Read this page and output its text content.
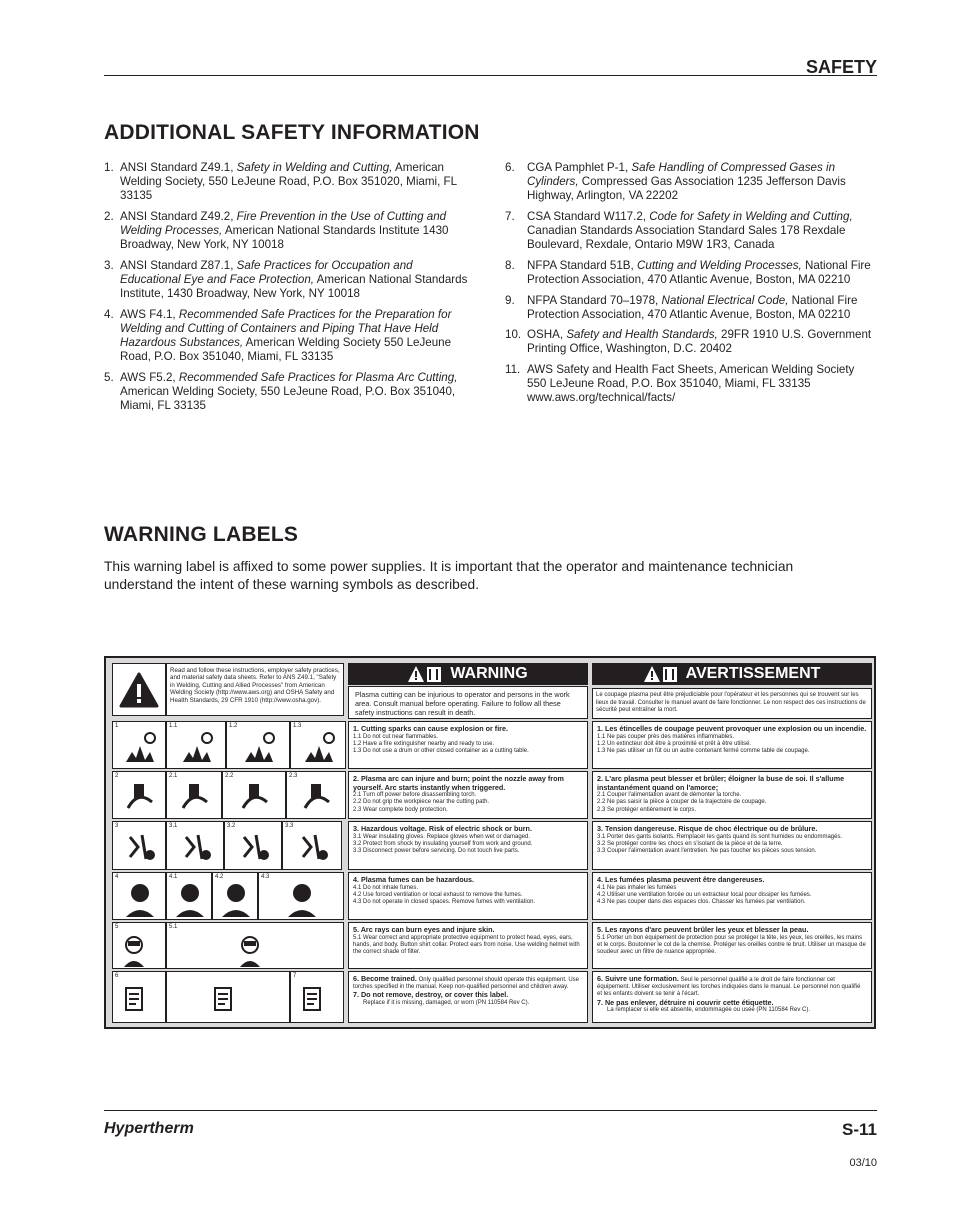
SAFETY
ADDITIONAL SAFETY INFORMATION
1. ANSI Standard Z49.1, Safety in Welding and Cutting, American Welding Society, 550 LeJeune Road, P.O. Box 351020, Miami, FL 33135
2. ANSI Standard Z49.2, Fire Prevention in the Use of Cutting and Welding Processes, American National Standards Institute 1430 Broadway, New York, NY 10018
3. ANSI Standard Z87.1, Safe Practices for Occupation and Educational Eye and Face Protection, American National Standards Institute, 1430 Broadway, New York, NY 10018
4. AWS F4.1, Recommended Safe Practices for the Preparation for Welding and Cutting of Containers and Piping That Have Held Hazardous Substances, American Welding Society 550 LeJeune Road, P.O. Box 351040, Miami, FL 33135
5. AWS F5.2, Recommended Safe Practices for Plasma Arc Cutting, American Welding Society, 550 LeJeune Road, P.O. Box 351040, Miami, FL 33135
6.	CGA Pamphlet P-1, Safe Handling of Compressed Gases in Cylinders, Compressed Gas Association 1235 Jefferson Davis Highway, Arlington, VA 22202
7.	CSA Standard W117.2, Code for Safety in Welding and Cutting, Canadian Standards Association Standard Sales 178 Rexdale Boulevard, Rexdale, Ontario M9W 1R3, Canada
8.	NFPA Standard 51B, Cutting and Welding Processes, National Fire Protection Association, 470 Atlantic Avenue, Boston, MA 02210
9.	NFPA Standard 70–1978, National Electrical Code, National Fire Protection Association, 470 Atlantic Avenue, Boston, MA 02210
10. OSHA, Safety and Health Standards, 29FR 1910 U.S. Government Printing Office, Washington, D.C. 20402
11. AWS Safety and Health Fact Sheets, American Welding Society 550 LeJeune Road, P.O. Box 351040, Miami, FL 33135 www.aws.org/technical/facts/
WARNING LABELS
This warning label is affixed to some power supplies. It is important that the operator and maintenance technician understand the intent of these warning symbols as described.
Read and follow these instructions, employer safety practices, and material safety data sheets. Refer to ANS Z49.1, "Safety in Welding, Cutting and Allied Processes" from American Welding Society (http://www.aws.org) and OSHA Safety and Health Standards, 29 CFR 1910 (http://www.osha.gov).
WARNING	AVERTISSEMENT
Plasma cutting can be injurious to operator and persons in the work area. Consult manual before operating. Failure to follow all these safety instructions can result in death.
Le coupage plasma peut être préjudiciable pour l'opérateur et les personnes qui se trouvent sur les lieux de travail. Consulter le manuel avant de faire fonctionner. Le non respect des ces instructions de sécurité peut entraîner la mort.
1	1.1	1.2	1.3	1. Cutting sparks can cause explosion or fire.
1.1 Do not cut near flammables.
1.2 Have a fire extinguisher nearby and ready to use.
1.3 Do not use a drum or other closed container as a cutting table.
1. Les étincelles de coupage peuvent provoquer une explosion ou un incendie.
1.1 Ne pas couper près des matières inflammables.
1.2 Un extincteur doit être à proximité et prêt à être utilisé.
1.3 Ne pas utiliser un fût ou un autre contenant fermé comme table de coupage.
2	2.1	2.2	2.3	2. Plasma arc can injure and burn; point the nozzle away from yourself. Arc starts instantly when triggered.
2.1 Turn off power before disassembling torch.
2.2 Do not grip the workpiece near the cutting path.
2.3 Wear complete body protection.
2. L'arc plasma peut blesser et brûler; éloigner la buse de soi. Il s'allume instantanément quand on l'amorce;
2.1 Couper l'alimentation avant de démonter la torche.
2.2 Ne pas saisir la pièce à couper de la trajectoire de coupage.
2.3 Se protéger entièrement le corps.
3	3.1	3.2	3.3	3. Hazardous voltage. Risk of electric shock or burn.
3.1 Wear insulating gloves. Replace gloves when wet or damaged.
3.2 Protect from shock by insulating yourself from work and ground.
3.3 Disconnect power before servicing. Do not touch live parts.
3. Tension dangereuse. Risque de choc électrique ou de brûlure.
3.1 Porter des gants isolants. Remplacer les gants quand ils sont humides ou endommagés.
3.2 Se protéger contre les chocs en s'isolant de la pièce et de la terre.
3.3 Couper l'alimentation avant l'entretien. Ne pas toucher les pièces sous tension.
4	4.1	4.2	4.3	4. Plasma fumes can be hazardous.
4.1 Do not inhale fumes.
4.2 Use forced ventilation or local exhaust to remove the fumes.
4.3 Do not operate in closed spaces. Remove fumes with ventilation.
4. Les fumées plasma peuvent être dangereuses.
4.1 Ne pas inhaler les fumées
4.2 Utiliser une ventilation forcée ou un extracteur local pour dissiper les fumées.
4.3 Ne pas couper dans des espaces clos. Chasser les fumées par ventilation.
5	5.1	5. Arc rays can burn eyes and injure skin.
5.1 Wear correct and appropriate protective equipment to protect head, eyes, ears, hands, and body. Button shirt collar. Protect ears from noise. Use welding helmet with the correct shade of filter.
5. Les rayons d'arc peuvent brûler les yeux et blesser la peau.
5.1 Porter un bon équipement de protection pour se protéger la tête, les yeux, les oreilles, les mains et le corps. Boutonner le col de la chemise. Protéger les oreilles contre le bruit. Utiliser un masque de soudeur avec un filtre de nuance appropriée.
6	7	6. Become trained. Only qualified personnel should operate this equipment. Use torches specified in the manual. Keep non-qualified personnel and children away.
7. Do not remove, destroy, or cover this label.
Replace if it is missing, damaged, or worn (PN 110584 Rev C).
6. Suivre une formation. Seul le personnel qualifié a le droit de faire fonctionner cet équipement. Utiliser exclusivement les torches indiquées dans le manual. Le personnel non qualifié et les enfants doivent se tenir à l'écart.
7. Ne pas enlever, détruire ni couvrir cette étiquette.
La remplacer si elle est absente, endommagée ou usée (PN 110584 Rev C).
Hypertherm	S-11
03/10
